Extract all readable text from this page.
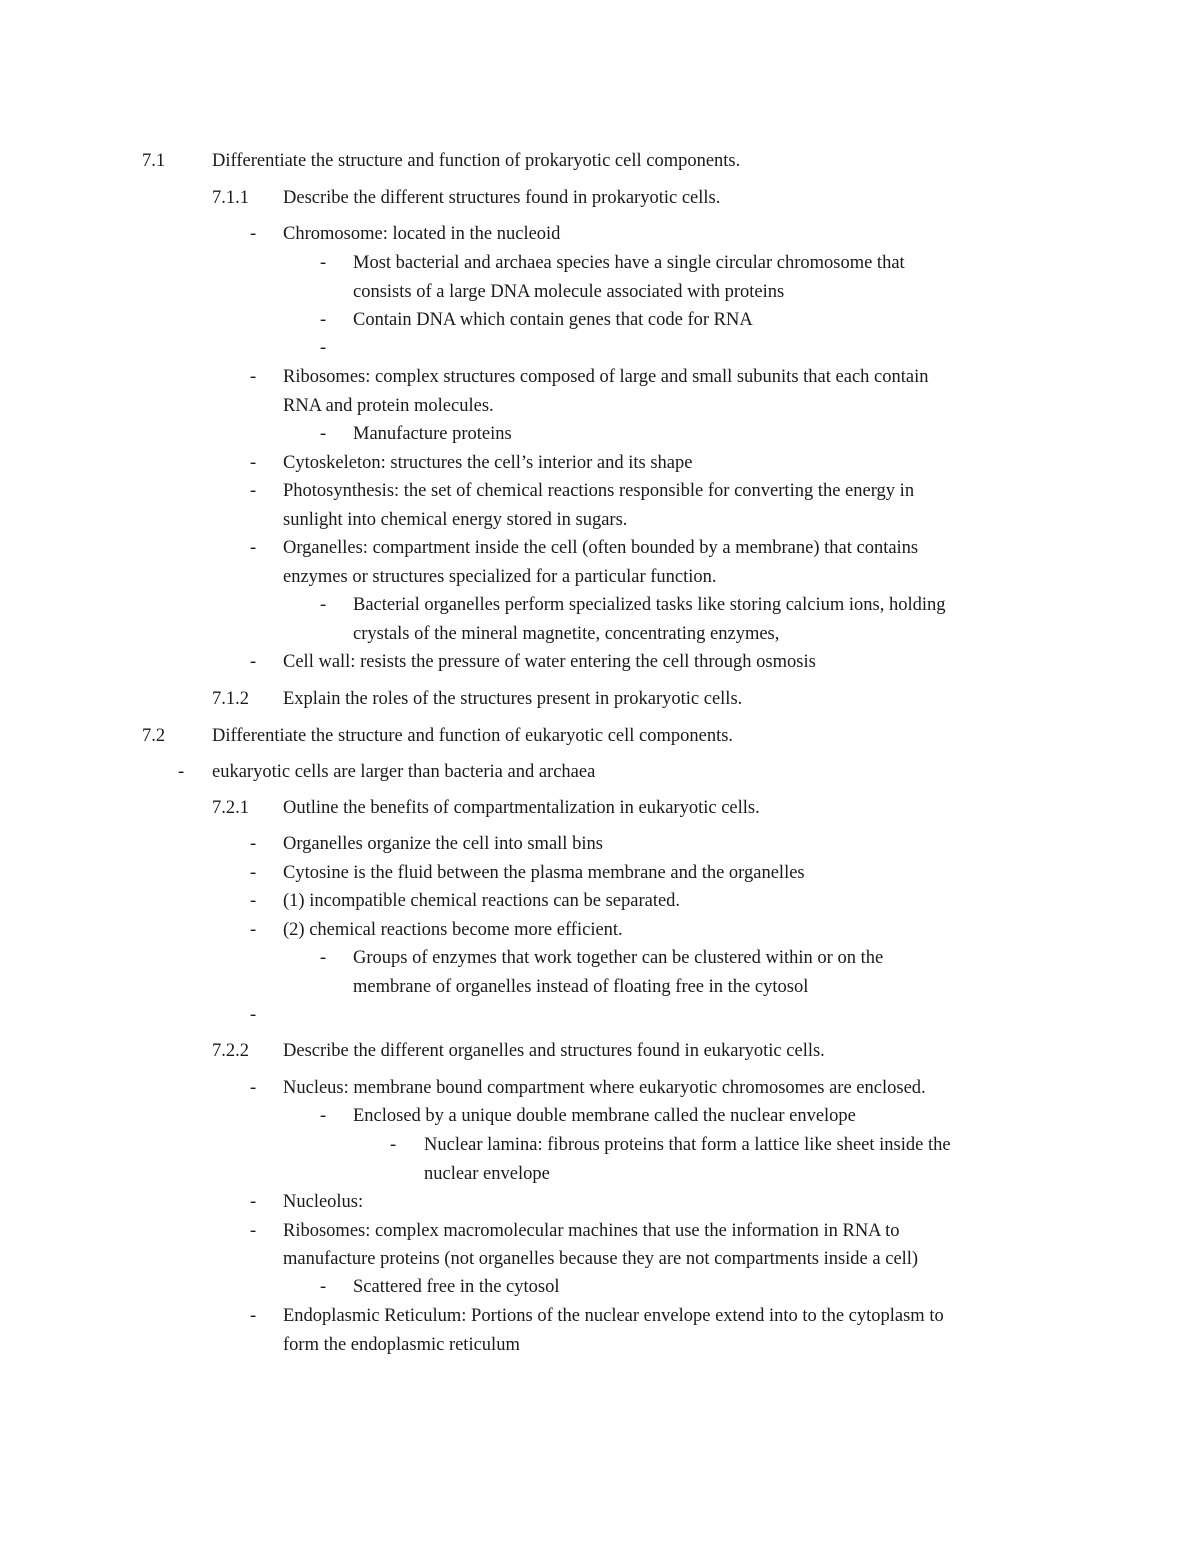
7.1	Differentiate the structure and function of prokaryotic cell components.
7.1.1 Describe the different structures found in prokaryotic cells.
- Chromosome: located in the nucleoid
- Most bacterial and archaea species have a single circular chromosome that
consists of a large DNA molecule associated with proteins
- Contain DNA which contain genes that code for RNA
-
- Ribosomes: complex structures composed of large and small subunits that each contain
RNA and protein molecules.
- Manufacture proteins
- Cytoskeleton: structures the cell’s interior and its shape
- Photosynthesis: the set of chemical reactions responsible for converting the energy in
sunlight into chemical energy stored in sugars.
- Organelles: compartment inside the cell (often bounded by a membrane) that contains
enzymes or structures specialized for a particular function.
- Bacterial organelles perform specialized tasks like storing calcium ions, holding
crystals of the mineral magnetite, concentrating enzymes,
- Cell wall: resists the pressure of water entering the cell through osmosis
7.1.2 Explain the roles of the structures present in prokaryotic cells.
7.2	Differentiate the structure and function of eukaryotic cell components.
- eukaryotic cells are larger than bacteria and archaea
7.2.1 Outline the benefits of compartmentalization in eukaryotic cells.
- Organelles organize the cell into small bins
- Cytosine is the fluid between the plasma membrane and the organelles
- (1) incompatible chemical reactions can be separated.
- (2) chemical reactions become more efficient.
- Groups of enzymes that work together can be clustered within or on the
membrane of organelles instead of floating free in the cytosol
-
7.2.2 Describe the different organelles and structures found in eukaryotic cells.
- Nucleus: membrane bound compartment where eukaryotic chromosomes are enclosed.
- Enclosed by a unique double membrane called the nuclear envelope
- Nuclear lamina: fibrous proteins that form a lattice like sheet inside the
nuclear envelope
- Nucleolus:
- Ribosomes: complex macromolecular machines that use the information in RNA to
manufacture proteins (not organelles because they are not compartments inside a cell)
- Scattered free in the cytosol
- Endoplasmic Reticulum: Portions of the nuclear envelope extend into to the cytoplasm to
form the endoplasmic reticulum
